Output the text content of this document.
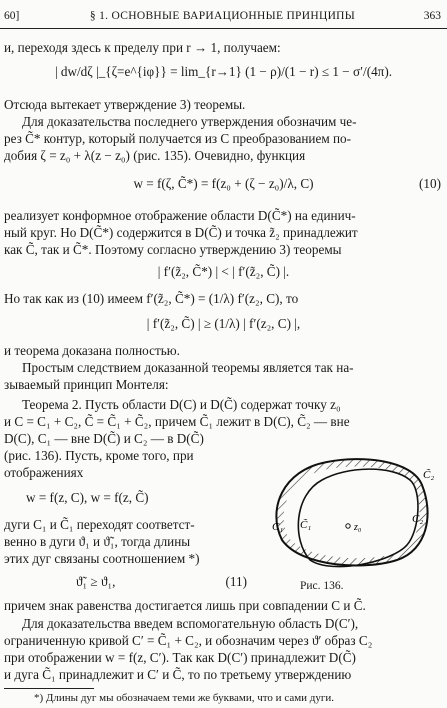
60]	§ 1. ОСНОВНЫЕ ВАРИАЦИОННЫЕ ПРИНЦИПЫ	363
и, переходя здесь к пределу при r → 1, получаем:
| dw/dζ |_{ζ=e^{iφ}} = lim_{r→1} (1 − ρ)/(1 − r) ≤ 1 − σ′/(4π).
Отсюда вытекает утверждение 3) теоремы.
Для доказательства последнего утверждения обозначим че-
рез C̃* контур, который получается из C преобразованием по-
добия ζ = z₀ + λ(z − z₀) (рис. 135). Очевидно, функция
w = f(ζ, C̃*) = f(z₀ + (ζ − z₀)/λ, C)	(10)
реализует конформное отображение области D(C̃*) на единич-
ный круг. Но D(C̃*) содержится в D(C̃) и точка z̃₂ принадлежит
как C̃, так и C̃*. Поэтому согласно утверждению 3) теоремы
| f′(z̃₂, C̃*) | < | f′(z̃₂, C̃) |.
Но так как из (10) имеем f′(z̃₂, C̃*) = (1/λ) f′(z₂, C), то
| f′(z̃₂, C̃) | ≥ (1/λ) | f′(z₂, C) |,
и теорема доказана полностью.
Простым следствием доказанной теоремы является так на-
зываемый принцип Монтеля:
Теорема 2. Пусть области D(C) и D(C̃) содержат точку z₀
и C = C₁ + C₂, C̃ = C̃₁ + C̃₂, причем C̃₁ лежит в D(C), C̃₂ — вне
D(C), C₁ — вне D(C̃) и C₂ — в D(C̃)
(рис. 136). Пусть, кроме того, при
отображениях
w = f(z, C), w = f(z, C̃)
дуги C₁ и C̃₁ переходят соответст-
венно в дуги ϑ₁ и ϑ̃₁, тогда длины
этих дуг связаны соотношением *)
ϑ̃₁ ≥ ϑ₁,	(11)
z₀
C₁ C̃₁	C₂
C̃₂
Рис. 136.
причем знак равенства достигается лишь при совпадении C и C̃.
Для доказательства введем вспомогательную область D(C′),
ограниченную кривой C′ = C̃₁ + C₂, и обозначим через ϑ′ образ C₂
при отображении w = f(z, C′). Так как D(C′) принадлежит D(C̃)
и дуга C̃₁ принадлежит и C′ и C̃, то по третьему утверждению
*) Длины дуг мы обозначаем теми же буквами, что и сами дуги.
